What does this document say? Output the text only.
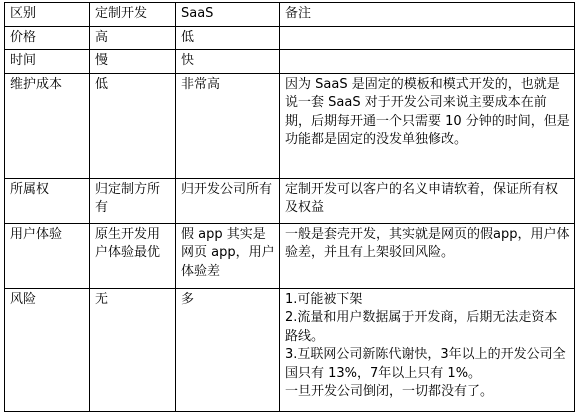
区别	定制开发	SaaS	备注
价格	高	低	
时间	慢	快	
维护成本	低	非常高	因为 SaaS 是固定的模板和模式开发的，也就是说一套 SaaS 对于开发公司来说主要成本在前期，后期每开通一个只需要 10 分钟的时间，但是功能都是固定的没发单独修改。
所属权	归定制方所有	归开发公司所有	定制开发可以客户的名义申请软着，保证所有权及权益
用户体验	原生开发用户体验最优	假 app 其实是网页 app，用户体验差	一般是套壳开发，其实就是网页的假app，用户体验差，并且有上架驳回风险。
风险	无	多	1.可能被下架
2.流量和用户数据属于开发商，后期无法走资本路线。
3.互联网公司新陈代谢快，3年以上的开发公司全国只有 13%，7年以上只有 1%。
一旦开发公司倒闭，一切都没有了。
